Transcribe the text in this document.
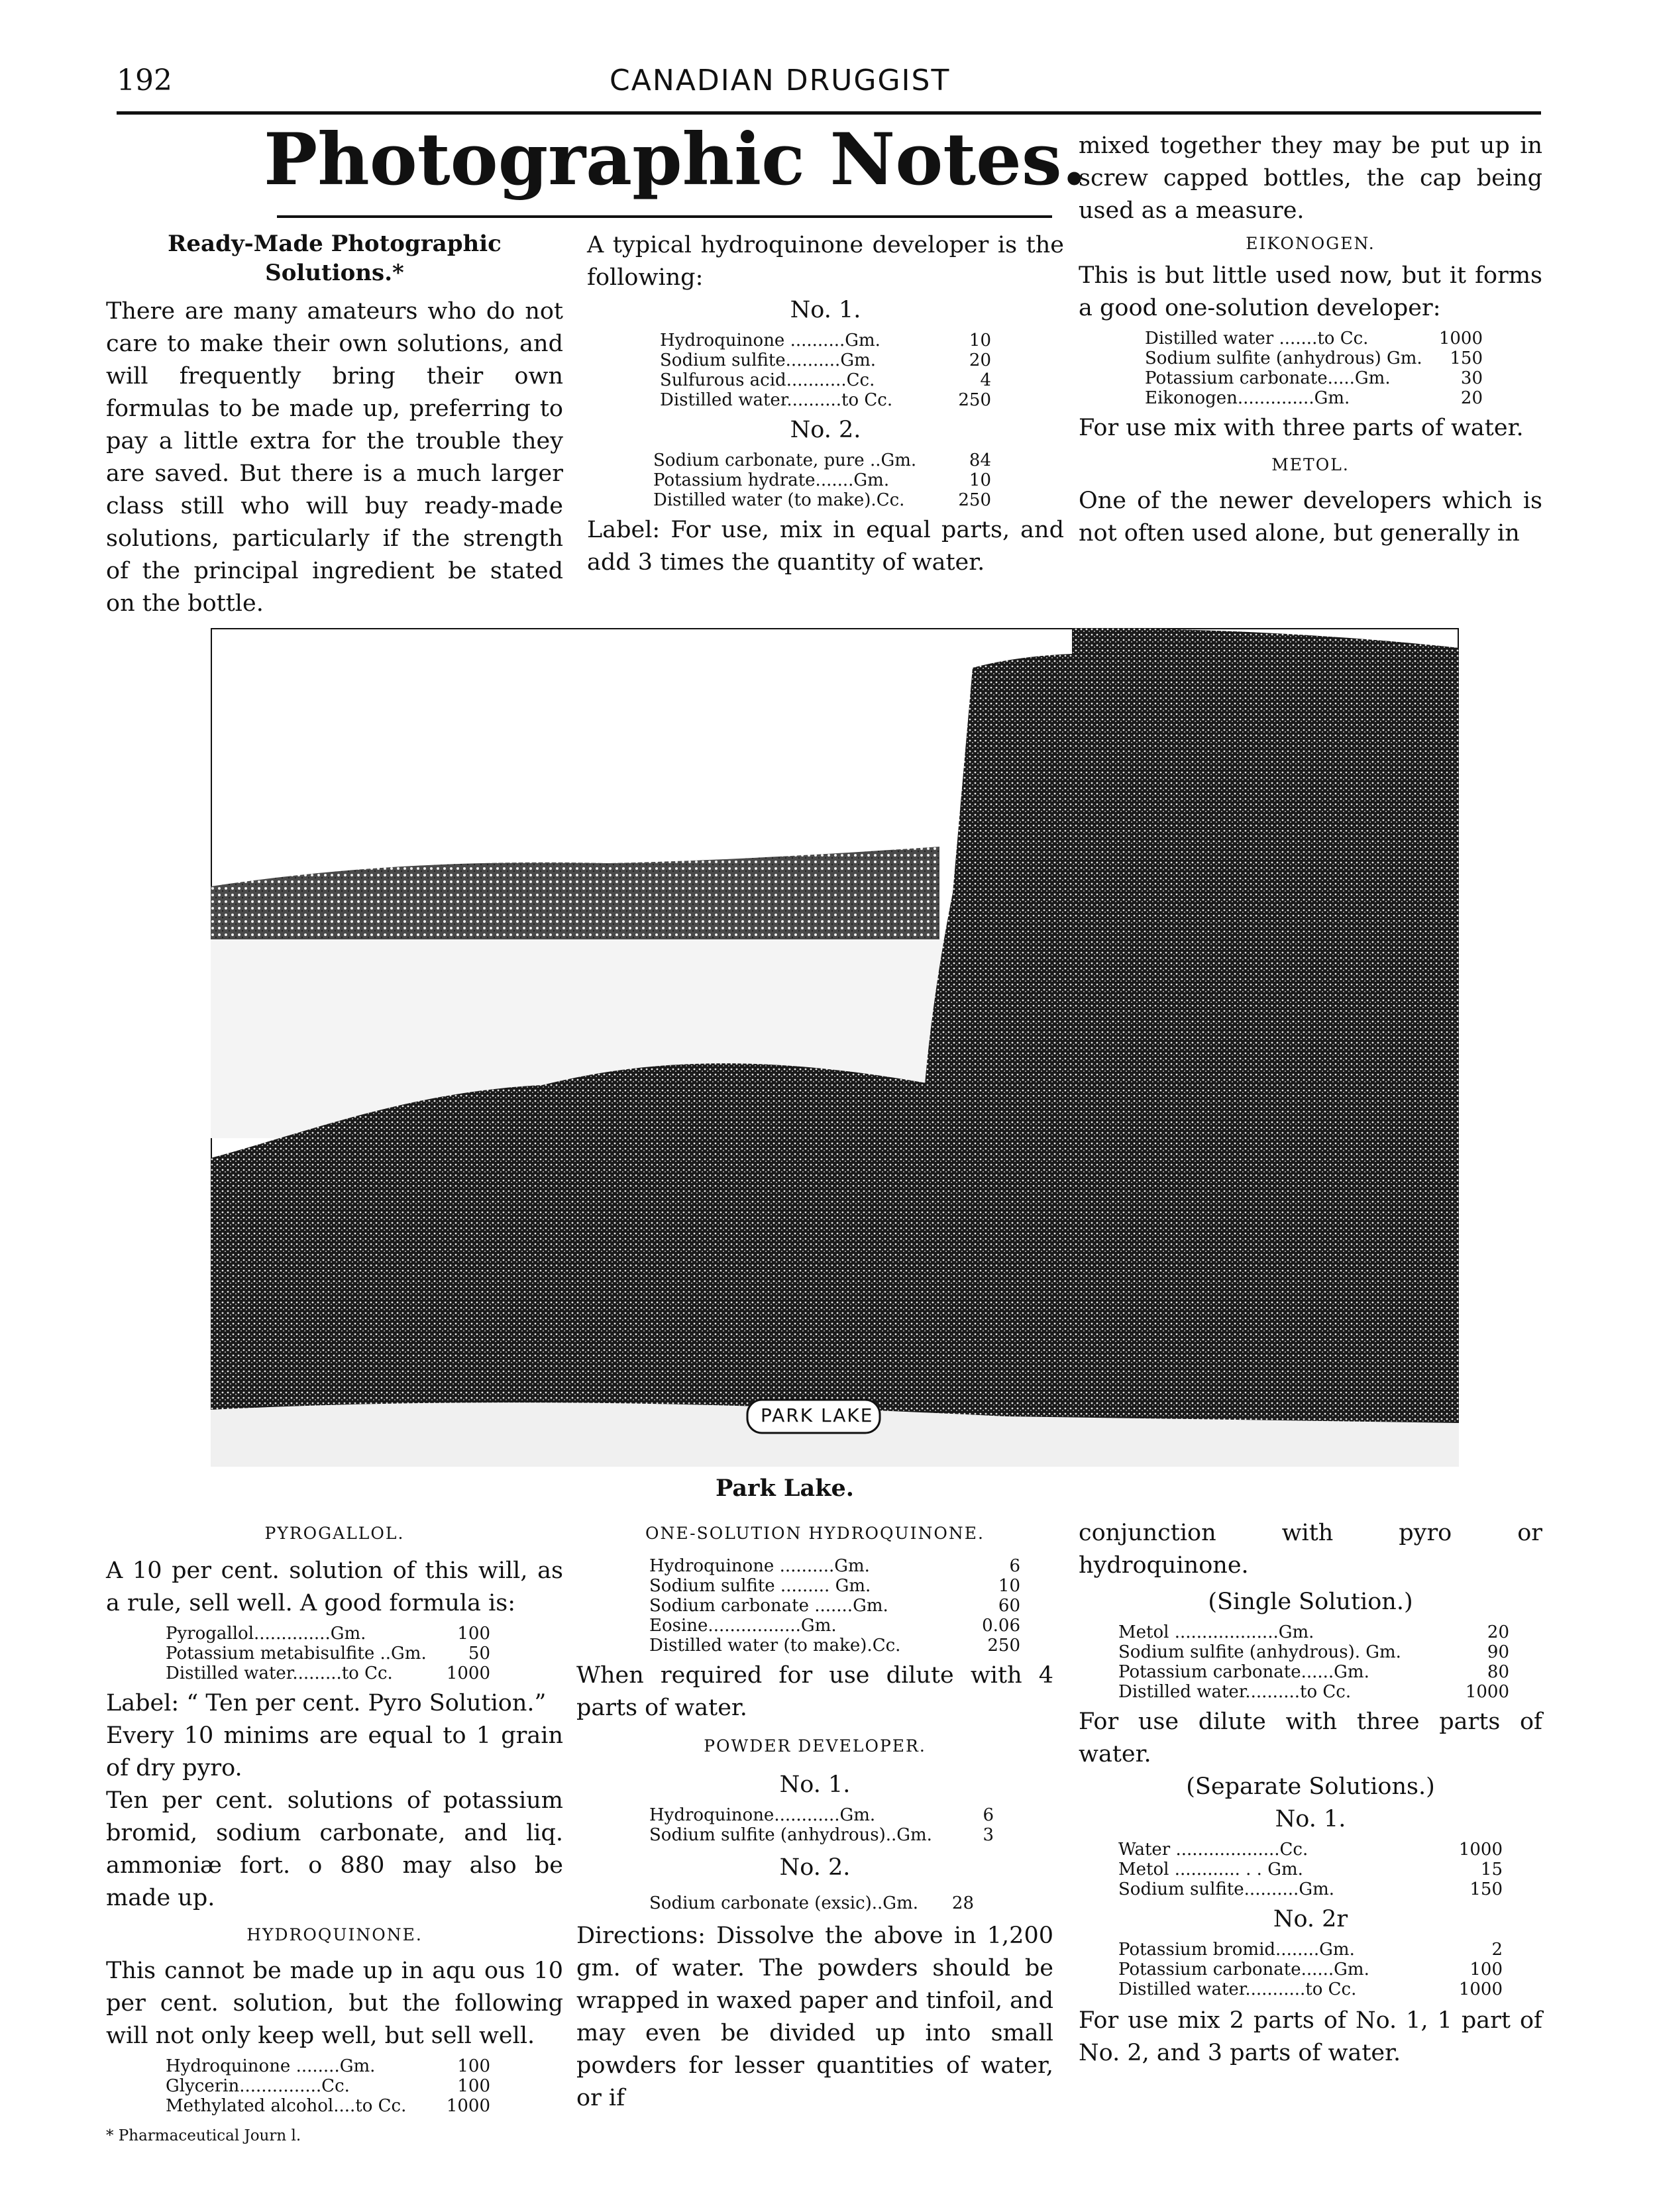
192	CANADIAN DRUGGIST
Photographic Notes.
Ready-Made Photographic Solutions.*

There are many amateurs who do not care to make their own solutions, and will frequently bring their own formulas to be made up, preferring to pay a little extra for the trouble they are saved. But there is a much larger class still who will buy ready-made solutions, particularly if the strength of the principal ingredient be stated on the bottle.

A typical hydroquinone developer is the following:

No. 1.
Hydroquinone ..........Gm.	10
Sodium sulfite..........Gm.	20
Sulfurous acid...........Cc.	4
Distilled water..........to Cc.	250
No. 2.
Sodium carbonate, pure ..Gm.	84
Potassium hydrate.......Gm.	10
Distilled water (to make).Cc.	250

Label: For use, mix in equal parts, and add 3 times the quantity of water.

mixed together they may be put up in screw capped bottles, the cap being used as a measure.

EIKONOGEN.

This is but little used now, but it forms a good one-solution developer:

Distilled water .......to Cc.	1000
Sodium sulfite (anhydrous) Gm.	150
Potassium carbonate.....Gm.	30
Eikonogen..............Gm.	20

For use mix with three parts of water.

METOL.

One of the newer developers which is not often used alone, but generally in

PARK LAKE
Park Lake.
PYROGALLOL.

A 10 per cent. solution of this will, as a rule, sell well. A good formula is:

Pyrogallol..............Gm.	100
Potassium metabisulfite ..Gm.	50
Distilled water.........to Cc.	1000

Label: “ Ten per cent. Pyro Solution.”

Every 10 minims are equal to 1 grain of dry pyro.

Ten per cent. solutions of potassium bromid, sodium carbonate, and liq. ammoniæ fort. o 880 may also be made up.

HYDROQUINONE.

This cannot be made up in aqu ous 10 per cent. solution, but the following will not only keep well, but sell well.

Hydroquinone ........Gm.	100
Glycerin...............Cc.	100
Methylated alcohol....to Cc. 1000
* Pharmaceutical Journ l.
ONE-SOLUTION HYDROQUINONE.
Hydroquinone ..........Gm.	6
Sodium sulfite ......... Gm.	10
Sodium carbonate .......Gm.	60
Eosine.................Gm.	0.06
Distilled water (to make).Cc.	250

When required for use dilute with 4 parts of water.

POWDER DEVELOPER.
No. 1.
Hydroquinone............Gm.	6
Sodium sulfite (anhydrous)..Gm.	3
No. 2.
Sodium carbonate (exsic)..Gm.	28

Directions: Dissolve the above in 1,200 gm. of water. The powders should be wrapped in waxed paper and tinfoil, and may even be divided up into small powders for lesser quantities of water, or if

conjunction with pyro or hydroquinone.

(Single Solution.)
Metol ...................Gm.	20
Sodium sulfite (anhydrous). Gm.	90
Potassium carbonate......Gm.	80
Distilled water..........to Cc.	1000

For use dilute with three parts of water.

(Separate Solutions.)
No. 1.
Water ...................Cc.	1000
Metol ............ . . Gm.	15
Sodium sulfite..........Gm.	150
No. 2r
Potassium bromid........Gm.	2
Potassium carbonate......Gm.	100
Distilled water...........to Cc.	1000

For use mix 2 parts of No. 1, 1 part of No. 2, and 3 parts of water.
